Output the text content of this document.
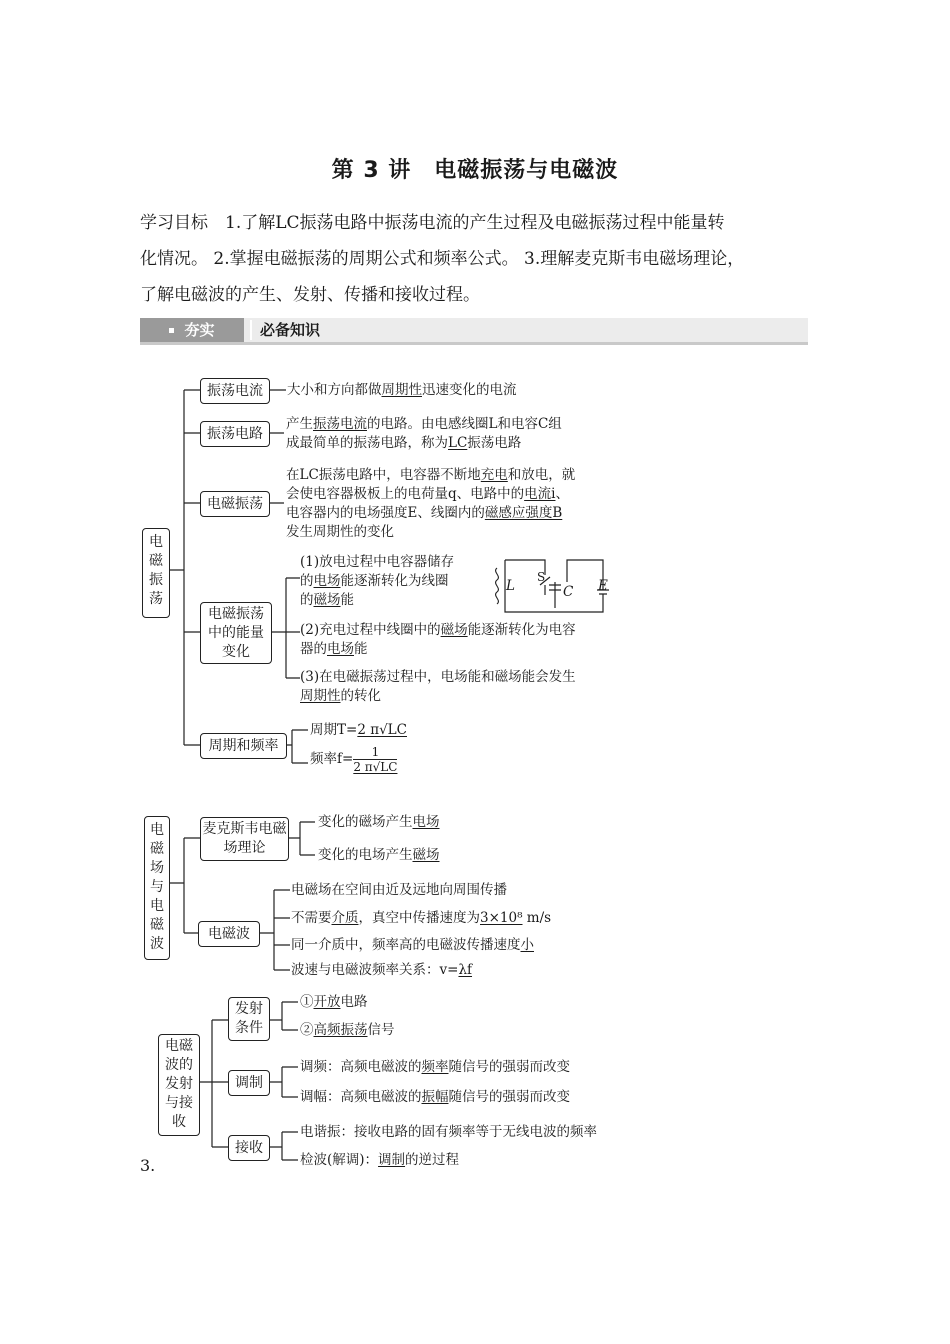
第 3 讲　电磁振荡与电磁波

学习目标　1.了解LC振荡电路中振荡电流的产生过程及电磁振荡过程中能量转

化情况。 2.掌握电磁振荡的周期公式和频率公式。 3.理解麦克斯韦电磁场理论，

了解电磁波的产生、发射、传播和接收过程。

夯实	必备知识
电磁振荡
振荡电流 大小和方向都做周期性迅速变化的电流
振荡电路
产生振荡电流的电路。由电感线圈L和电容C组
成最简单的振荡电路，称为LC振荡电路
电磁振荡
在LC振荡电路中，电容器不断地充电和放电，就
会使电容器极板上的电荷量q、电路中的电流i、
电容器内的电场强度E、线圈内的磁感应强度B
发生周期性的变化
电磁振荡中的能量变化
(1)放电过程中电容器储存
的电场能逐渐转化为线圈
的磁场能
L
S
C E
(2)充电过程中线圈中的磁场能逐渐转化为电容
器的电场能
(3)在电磁振荡过程中，电场能和磁场能会发生
周期性的转化
周期和频率
周期T=2 π√LC
频率$f= \frac{1}{2 \pi√LC}$
电磁场与电磁波
麦克斯韦电磁场理论
变化的磁场产生电场
变化的电场产生磁场
电磁波
电磁场在空间由近及远地向周围传播
不需要介质，真空中传播速度为3×10⁸ m/s
同一介质中，频率高的电磁波传播速度小
波速与电磁波频率关系：v=λf
电磁波的发射与接收
发射条件
①开放电路
②高频振荡信号
调制
调频：高频电磁波的频率随信号的强弱而改变
调幅：高频电磁波的振幅随信号的强弱而改变
接收
电谐振：接收电路的固有频率等于无线电波的频率
检波(解调)：调制的逆过程
3.
